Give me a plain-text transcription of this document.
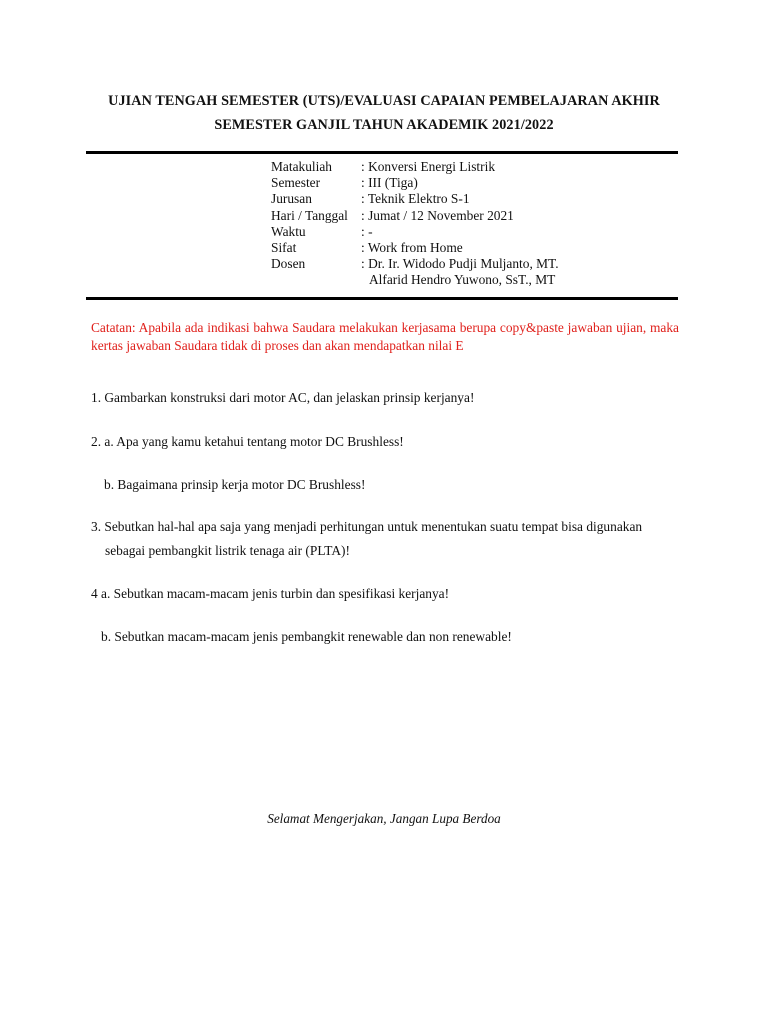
UJIAN TENGAH SEMESTER (UTS)/EVALUASI CAPAIAN PEMBELAJARAN AKHIR
SEMESTER GANJIL TAHUN AKADEMIK 2021/2022
Matakuliah	: Konversi Energi Listrik
Semester	: III (Tiga)
Jurusan	: Teknik Elektro S-1
Hari / Tanggal : Jumat / 12 November 2021
Waktu	: -
Sifat	: Work from Home
Dosen	: Dr. Ir. Widodo Pudji Muljanto, MT.
Alfarid Hendro Yuwono, SsT., MT
Catatan: Apabila ada indikasi bahwa Saudara melakukan kerjasama berupa copy&paste jawaban ujian, maka kertas jawaban Saudara tidak di proses dan akan mendapatkan nilai E
1. Gambarkan konstruksi dari motor AC, dan jelaskan prinsip kerjanya!
2. a. Apa yang kamu ketahui tentang motor DC Brushless!
b. Bagaimana prinsip kerja motor DC Brushless!
3. Sebutkan hal-hal apa saja yang menjadi perhitungan untuk menentukan suatu tempat bisa digunakan
sebagai pembangkit listrik tenaga air (PLTA)!
4 a. Sebutkan macam-macam jenis turbin dan spesifikasi kerjanya!
b. Sebutkan macam-macam jenis pembangkit renewable dan non renewable!
Selamat Mengerjakan, Jangan Lupa Berdoa
